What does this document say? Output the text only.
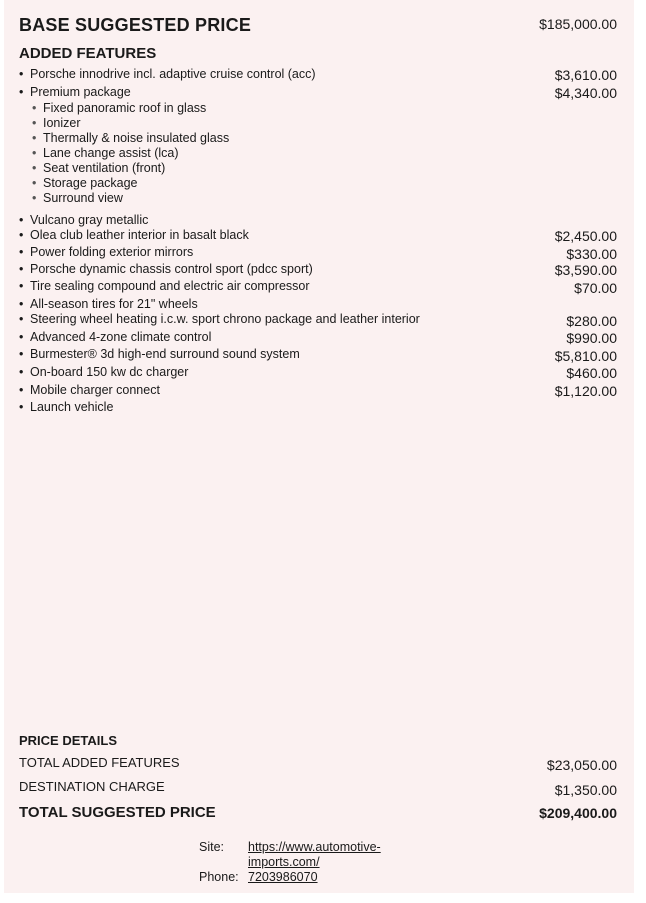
BASE SUGGESTED PRICE	$185,000.00
ADDED FEATURES
• Porsche innodrive incl. adaptive cruise control (acc)	$3,610.00
• Premium package	$4,340.00
• Fixed panoramic roof in glass
• Ionizer
• Thermally & noise insulated glass
• Lane change assist (lca)
• Seat ventilation (front)
• Storage package
• Surround view
• Vulcano gray metallic
• Olea club leather interior in basalt black	$2,450.00
• Power folding exterior mirrors	$330.00
• Porsche dynamic chassis control sport (pdcc sport)	$3,590.00
• Tire sealing compound and electric air compressor	$70.00
• All-season tires for 21" wheels
• Steering wheel heating i.c.w. sport chrono package and leather interior	$280.00
• Advanced 4-zone climate control	$990.00
• Burmester® 3d high-end surround sound system	$5,810.00
• On-board 150 kw dc charger	$460.00
• Mobile charger connect	$1,120.00
• Launch vehicle
PRICE DETAILS
TOTAL ADDED FEATURES	$23,050.00
DESTINATION CHARGE	$1,350.00
TOTAL SUGGESTED PRICE	$209,400.00
Site: https://www.automotive-
imports.com/
Phone: 7203986070
